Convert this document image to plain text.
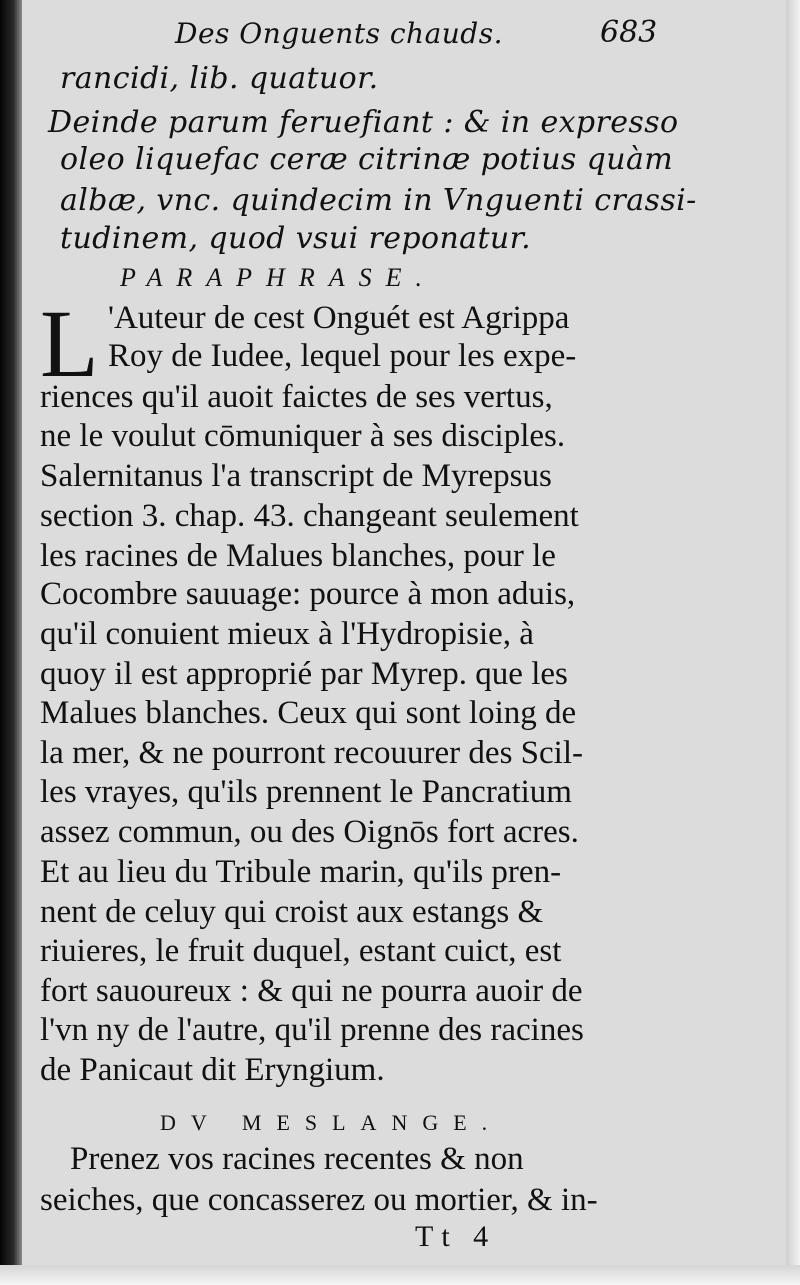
Des Onguents chauds.	683
rancidi, lib. quatuor.
Deinde parum feruefiant : & in expresso
oleo liquefac ceræ citrinæ potius quàm
albæ, vnc. quindecim in Vnguenti crassi-
tudinem, quod vsui reponatur.
PARAPHRASE.
L 'Auteur de cest Onguét est Agrippa
Roy de Iudee, lequel pour les expe-
riences qu'il auoit faictes de ses vertus,
ne le voulut cōmuniquer à ses disciples.
Salernitanus l'a transcript de Myrepsus
section 3. chap. 43. changeant seulement
les racines de Malues blanches, pour le
Cocombre sauuage: pource à mon aduis,
qu'il conuient mieux à l'Hydropisie, à
quoy il est approprié par Myrep. que les
Malues blanches. Ceux qui sont loing de
la mer, & ne pourront recouurer des Scil-
les vrayes, qu'ils prennent le Pancratium
assez commun, ou des Oignōs fort acres.
Et au lieu du Tribule marin, qu'ils pren-
nent de celuy qui croist aux estangs &
riuieres, le fruit duquel, estant cuict, est
fort sauoureux : & qui ne pourra auoir de
l'vn ny de l'autre, qu'il prenne des racines
de Panicaut dit Eryngium.
DV MESLANGE.
Prenez vos racines recentes & non
seiches, que concasserez ou mortier, & in-
Tt 4
